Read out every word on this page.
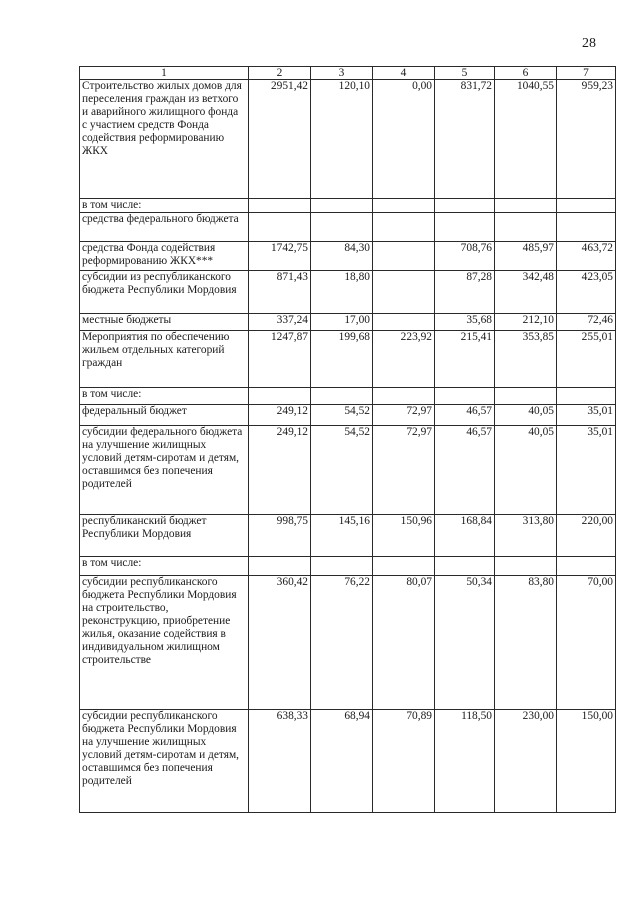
28
1	2	3	4	5	6	7
Строительство жилых домов для переселения граждан из ветхого и аварийного жилищного фонда с участием средств Фонда содействия реформированию ЖКХ	2951,42	120,10	0,00	831,72	1040,55	959,23
в том числе:						
средства федерального бюджета						
средства Фонда содействия реформированию ЖКХ***	1742,75	84,30		708,76	485,97	463,72
субсидии из республиканского бюджета Республики Мордовия	871,43	18,80		87,28	342,48	423,05
местные бюджеты	337,24	17,00		35,68	212,10	72,46
Мероприятия по обеспечению жильем отдельных категорий граждан	1247,87	199,68	223,92	215,41	353,85	255,01
в том числе:						
федеральный бюджет	249,12	54,52	72,97	46,57	40,05	35,01
субсидии федерального бюджета на улучшение жилищных условий детям-сиротам и детям, оставшимся без попечения родителей	249,12	54,52	72,97	46,57	40,05	35,01
республиканский бюджет Республики Мордовия	998,75	145,16	150,96	168,84	313,80	220,00
в том числе:						
субсидии республиканского бюджета Республики Мордовия на строительство, реконструкцию, приобретение жилья, оказание содействия в индивидуальном жилищном строительстве	360,42	76,22	80,07	50,34	83,80	70,00
субсидии республиканского бюджета Республики Мордовия на улучшение жилищных условий детям-сиротам и детям, оставшимся без попечения родителей	638,33	68,94	70,89	118,50	230,00	150,00
